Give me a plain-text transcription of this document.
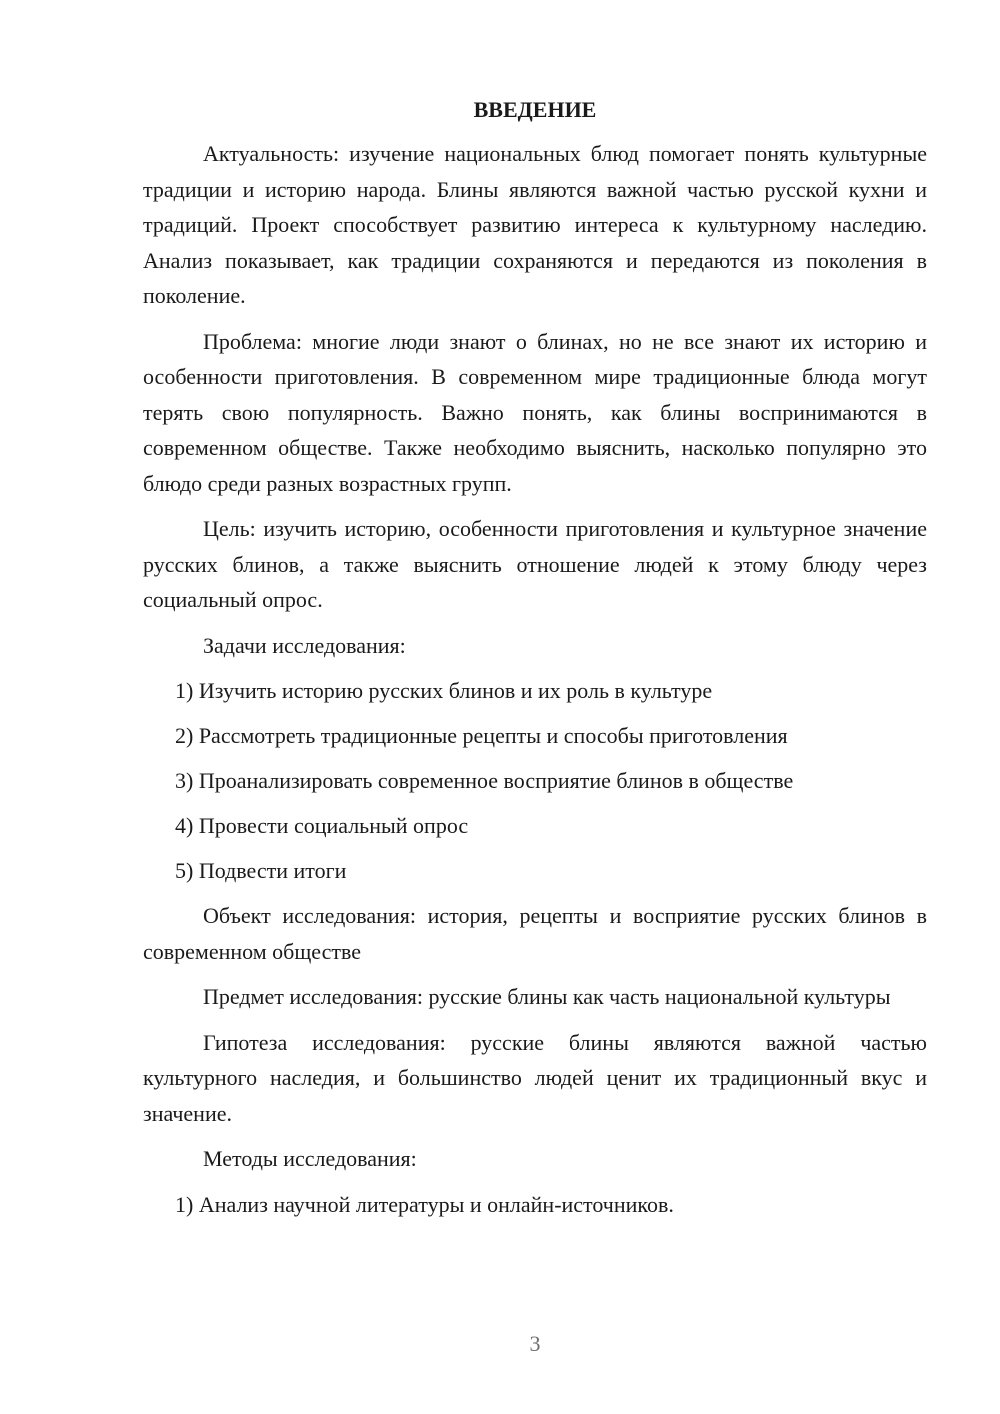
ВВЕДЕНИЕ

Актуальность: изучение национальных блюд помогает понять культурные традиции и историю народа. Блины являются важной частью русской кухни и традиций. Проект способствует развитию интереса к культурному наследию. Анализ показывает, как традиции сохраняются и передаются из поколения в поколение.

Проблема: многие люди знают о блинах, но не все знают их историю и особенности приготовления. В современном мире традиционные блюда могут терять свою популярность. Важно понять, как блины воспринимаются в современном обществе. Также необходимо выяснить, насколько популярно это блюдо среди разных возрастных групп.

Цель: изучить историю, особенности приготовления и культурное значение русских блинов, а также выяснить отношение людей к этому блюду через социальный опрос.

Задачи исследования:

1) Изучить историю русских блинов и их роль в культуре
2) Рассмотреть традиционные рецепты и способы приготовления
3) Проанализировать современное восприятие блинов в обществе
4) Провести социальный опрос
5) Подвести итоги

Объект исследования: история, рецепты и восприятие русских блинов в современном обществе

Предмет исследования: русские блины как часть национальной культуры

Гипотеза исследования: русские блины являются важной частью культурного наследия, и большинство людей ценит их традиционный вкус и значение.

Методы исследования:

1) Анализ научной литературы и онлайн-источников.
3
